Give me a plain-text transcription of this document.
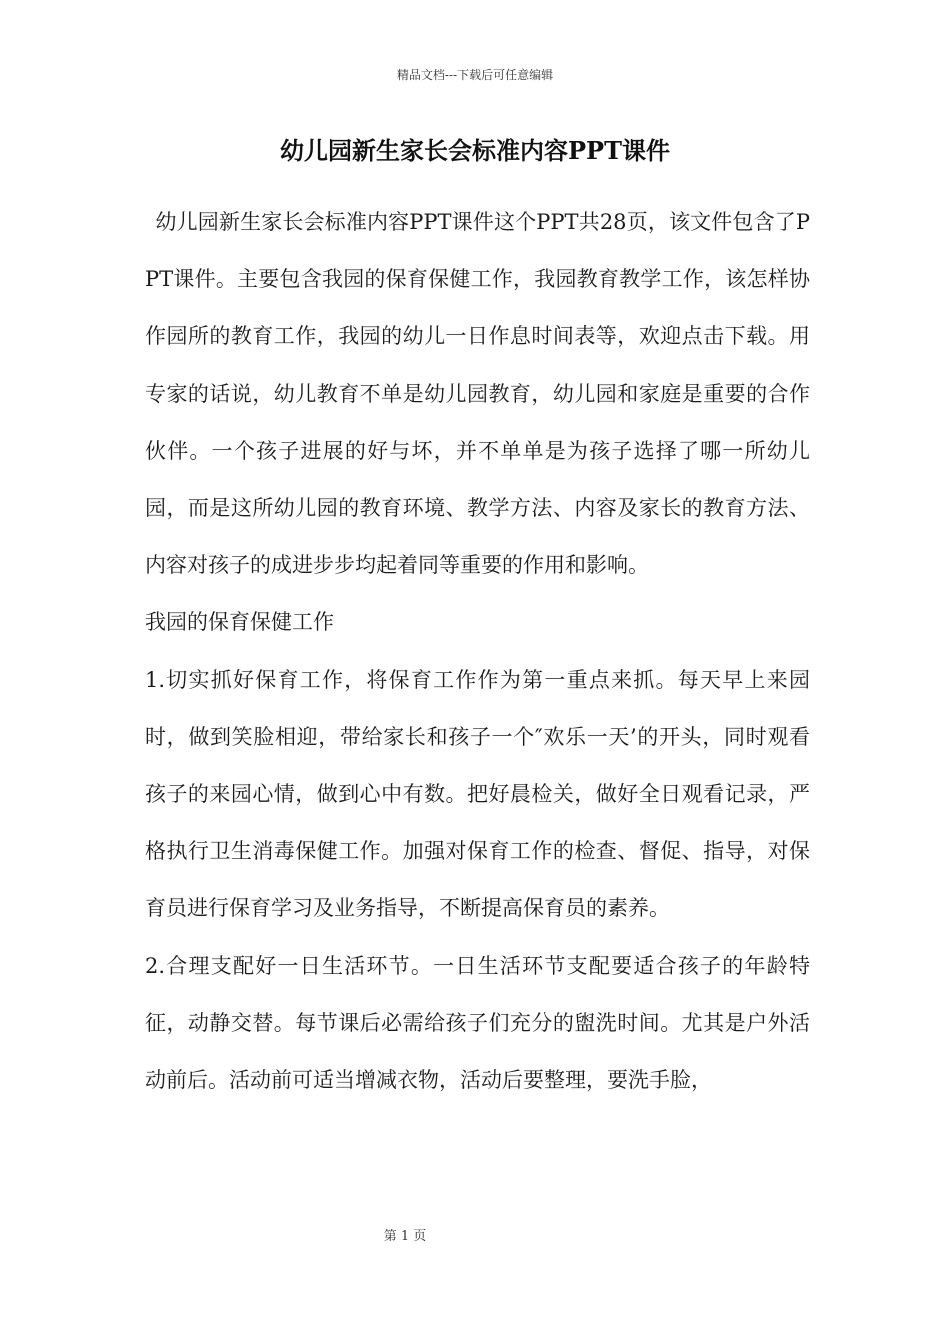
精品文档---下载后可任意编辑
幼儿园新生家长会标准内容PPT课件

幼儿园新生家长会标准内容PPT课件这个PPT共28页，该文件包含了PPT课件。主要包含我园的保育保健工作，我园教育教学工作，该怎样协作园所的教育工作，我园的幼儿一日作息时间表等，欢迎点击下载。用专家的话说，幼儿教育不单是幼儿园教育，幼儿园和家庭是重要的合作伙伴。一个孩子进展的好与坏，并不单单是为孩子选择了哪一所幼儿园，而是这所幼儿园的教育环境、教学方法、内容及家长的教育方法、内容对孩子的成进步步均起着同等重要的作用和影响。

我园的保育保健工作

1.切实抓好保育工作，将保育工作作为第一重点来抓。每天早上来园时，做到笑脸相迎，带给家长和孩子一个″欢乐一天’的开头，同时观看孩子的来园心情，做到心中有数。把好晨检关，做好全日观看记录，严格执行卫生消毒保健工作。加强对保育工作的检查、督促、指导，对保育员进行保育学习及业务指导，不断提高保育员的素养。

2.合理支配好一日生活环节。一日生活环节支配要适合孩子的年龄特征，动静交替。每节课后必需给孩子们充分的盥洗时间。尤其是户外活动前后。活动前可适当增减衣物，活动后要整理，要洗手脸，

第 1 页
